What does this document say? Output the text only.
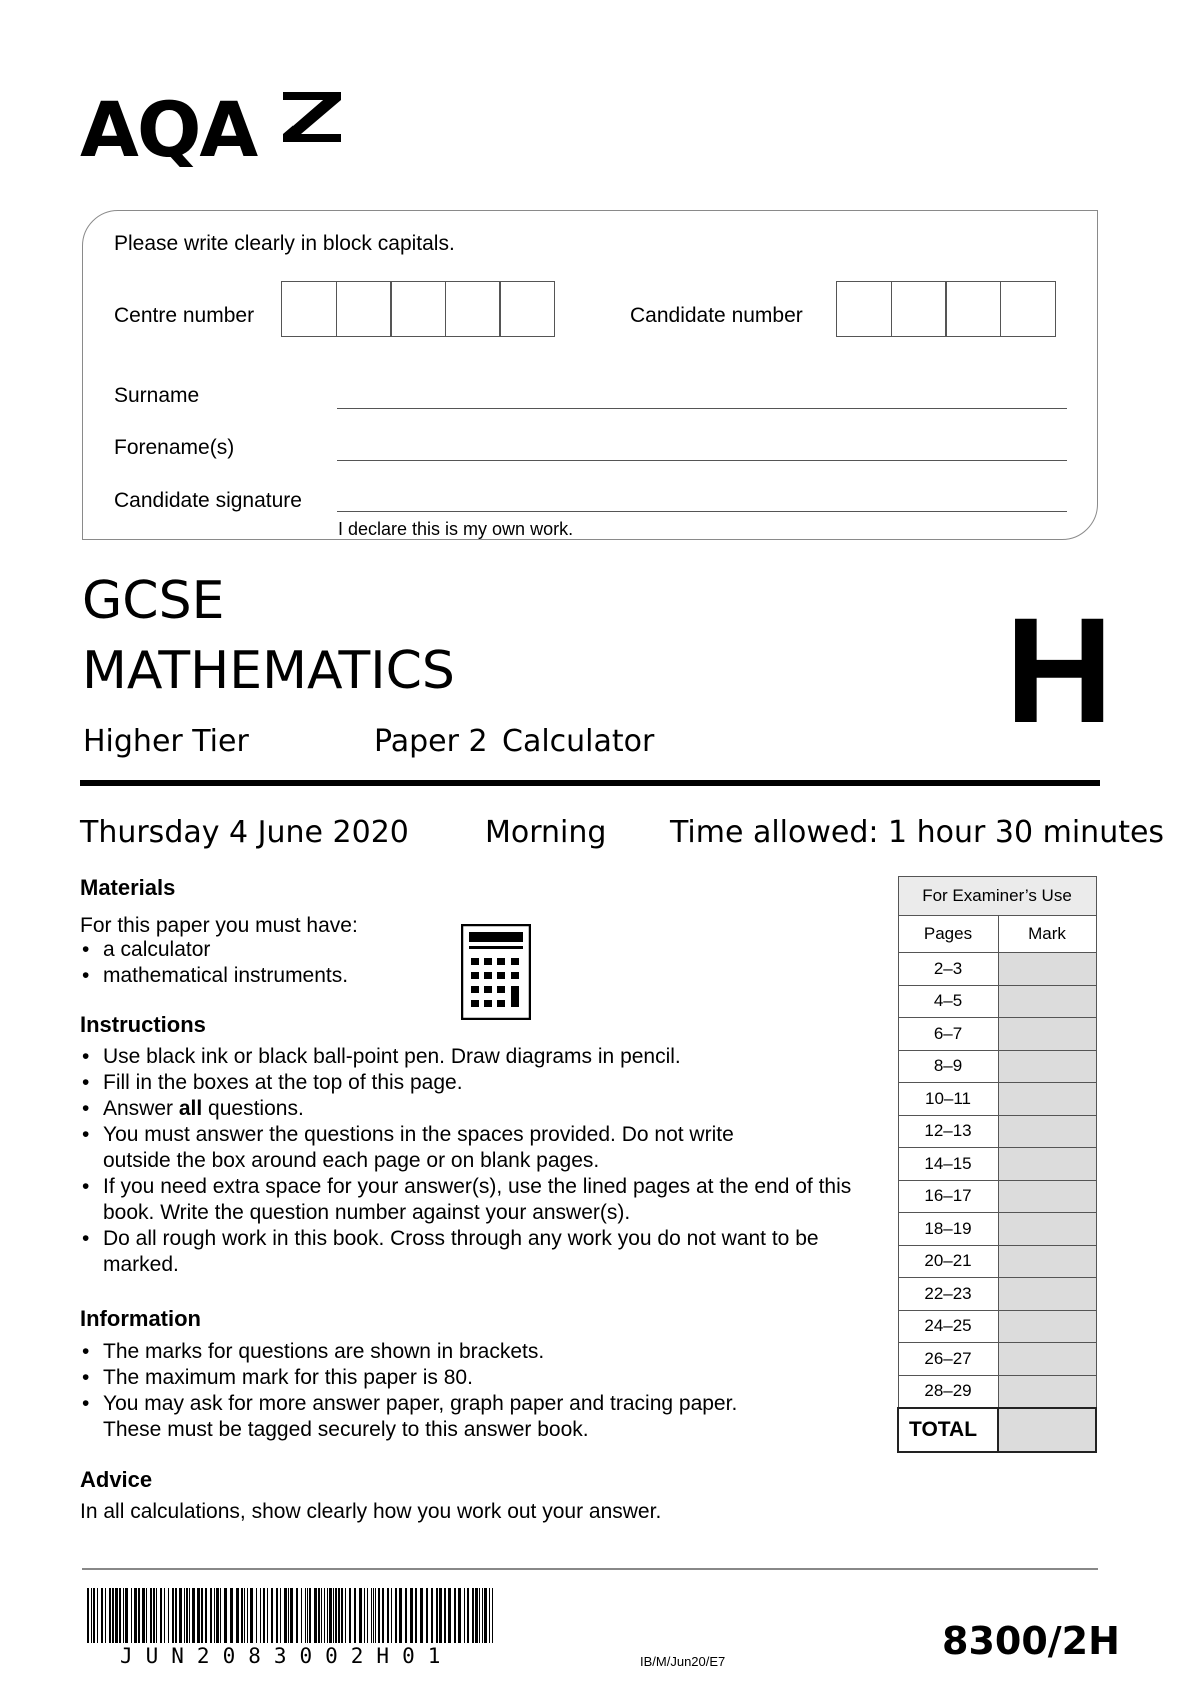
AQA
Please write clearly in block capitals.
Centre number	Candidate number
Surname
Forename(s)
Candidate signature
I declare this is my own work.
GCSE
MATHEMATICS
Higher Tier	Paper 2 Calculator H
Thursday 4 June 2020	Morning Time allowed: 1 hour 30 minutes
Materials
For this paper you must have:
• a calculator
• mathematical instruments.
Instructions
• Use black ink or black ball-point pen. Draw diagrams in pencil.
• Fill in the boxes at the top of this page.
• Answer all questions.
• You must answer the questions in the spaces provided. Do not write outside the box around each page or on blank pages.
• If you need extra space for your answer(s), use the lined pages at the end of this book. Write the question number against your answer(s).
• Do all rough work in this book. Cross through any work you do not want to be marked.
Information
• The marks for questions are shown in brackets.
• The maximum mark for this paper is 80.
• You may ask for more answer paper, graph paper and tracing paper. These must be tagged securely to this answer book.
Advice
In all calculations, show clearly how you work out your answer.
For Examiner’s Use	
Pages	Mark
2–3	
4–5	
6–7	
8–9	
10–11	
12–13	
14–15	
16–17	
18–19	
20–21	
22–23	
24–25	
26–27	
28–29	
TOTAL	
JUN2083002H01	IB/M/Jun20/E7	8300/2H
